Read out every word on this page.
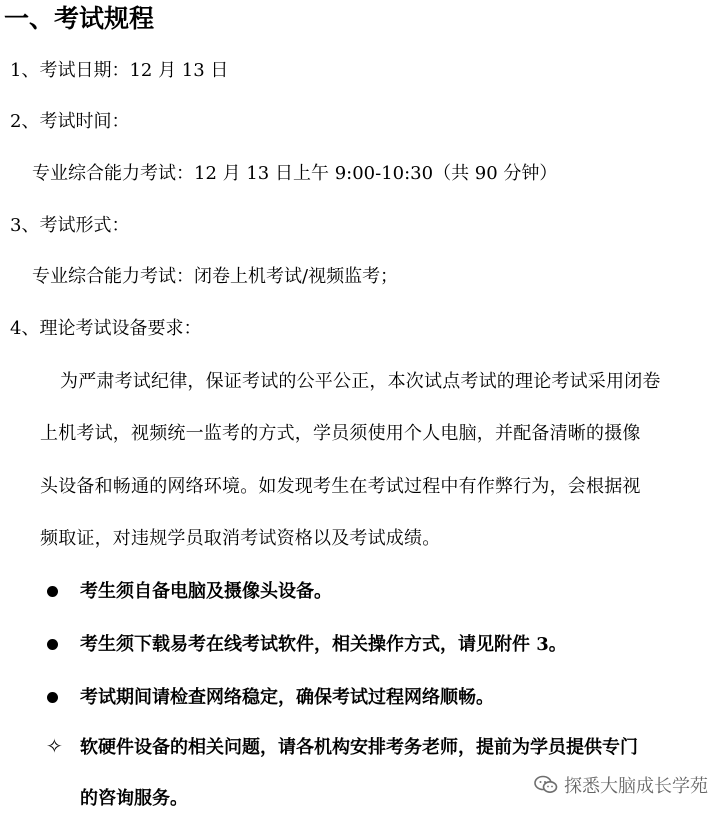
一、考试规程
1、考试日期：12 月 13 日
2、考试时间：
专业综合能力考试：12 月 13 日上午 9:00-10:30（共 90 分钟）
3、考试形式：
专业综合能力考试：闭卷上机考试/视频监考；
4、理论考试设备要求：
为严肃考试纪律，保证考试的公平公正，本次试点考试的理论考试采用闭卷
上机考试，视频统一监考的方式，学员须使用个人电脑，并配备清晰的摄像
头设备和畅通的网络环境。如发现考生在考试过程中有作弊行为，会根据视
频取证，对违规学员取消考试资格以及考试成绩。
考生须自备电脑及摄像头设备。
考生须下载易考在线考试软件，相关操作方式，请见附件 3。
考试期间请检查网络稳定，确保考试过程网络顺畅。
✧ 软硬件设备的相关问题，请各机构安排考务老师，提前为学员提供专门
的咨询服务。
探悉大脑成长学苑
